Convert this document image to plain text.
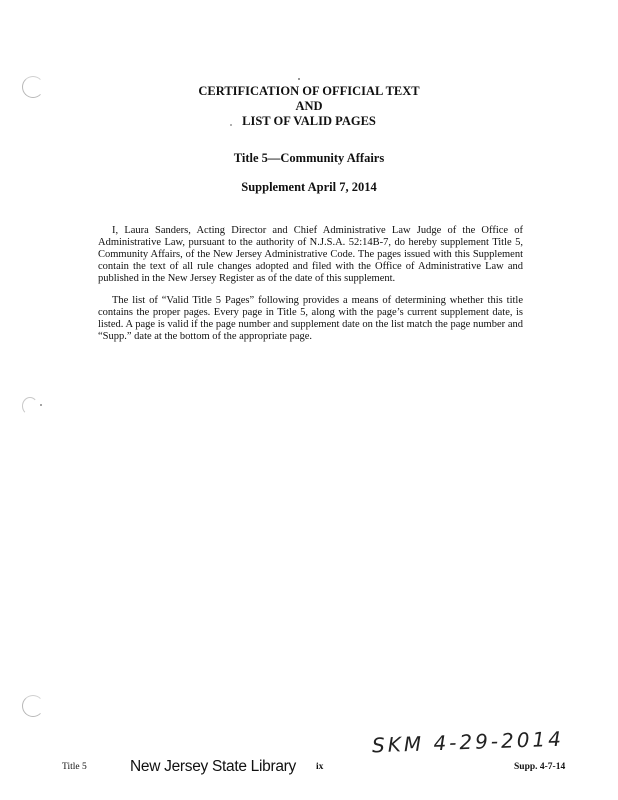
CERTIFICATION OF OFFICIAL TEXT
AND
LIST OF VALID PAGES
Title 5—Community Affairs
Supplement April 7, 2014

I, Laura Sanders, Acting Director and Chief Administrative Law Judge of the Office of Administrative Law, pursuant to the authority of N.J.S.A. 52:14B-7, do hereby supplement Title 5, Community Affairs, of the New Jersey Administrative Code. The pages issued with this Supplement contain the text of all rule changes adopted and filed with the Office of Administrative Law and published in the New Jersey Register as of the date of this supplement.

The list of “Valid Title 5 Pages” following provides a means of determining whether this title contains the proper pages. Every page in Title 5, along with the page’s current supplement date, is listed. A page is valid if the page number and supplement date on the list match the page number and “Supp.” date at the bottom of the appropriate page.

Title 5	New Jersey State Library ix
SKM 4-29-2014
Supp. 4-7-14
